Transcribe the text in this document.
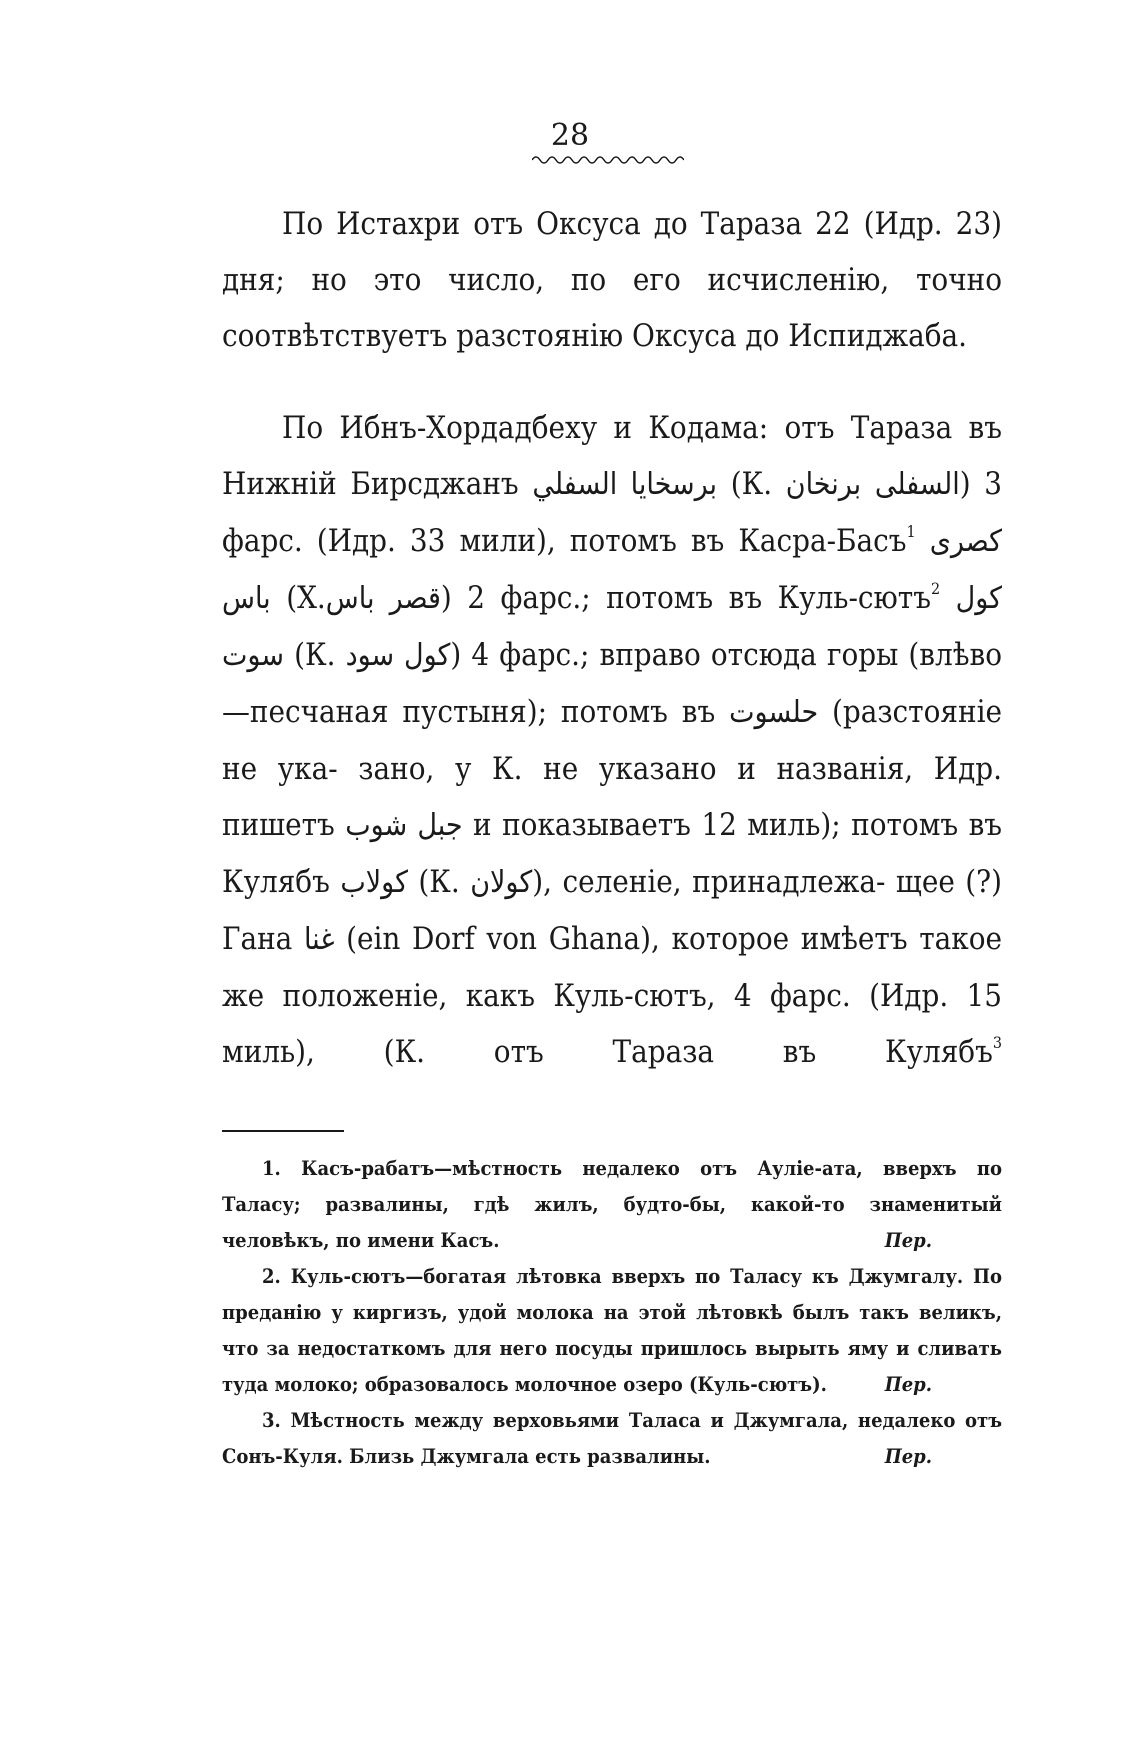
28

По Истахри отъ Оксуса до Тараза 22 (Идр. 23) дня; но это число, по его исчисленію, точно

соотвѣтствуетъ разстоянію Оксуса до Испиджаба.

По Ибнъ-Хордадбеху и Кодама: отъ Тараза въ Нижній Бирсджанъ برسخايا السفلي (К. برنخان السفلى) 3 фарс. (Идр. 33 мили), потомъ въ Касра-Басъ$^1$ كصرى باس (Х.قصر باس) 2 фарс.; потомъ въ Куль-сютъ$^2$ كول سوت (К. كول سود) 4 фарс.; вправо отсюда горы (влѣво—песчаная пустыня); потомъ въ حلسوت (разстояніе не ука- зано, у К. не указано и названія, Идр. пишетъ جبل شوب и показываетъ 12 миль); потомъ въ Кулябъ كولاب (К. كولان), селеніе, принадлежа- щее (?) Гана غنا (ein Dorf von Ghana), которое имѣетъ такое же положеніе, какъ Куль-сютъ, 4 фарс. (Идр. 15 миль), (К. отъ Тараза въ Кулябъ$^3$

1. Касъ-рабатъ—мѣстность недалеко отъ Ауліе-ата, вверхъ по Таласу; развалины, гдѣ жилъ, будто-бы, какой-то знаменитый человѣкъ, по имени Касъ.	Пер.

2. Куль-сютъ—богатая лѣтовка вверхъ по Таласу къ Джумгалу. По преданію у киргизъ, удой молока на этой лѣтовкѣ былъ такъ великъ, что за недостаткомъ для него посуды пришлось вырыть яму и сливать туда молоко; образовалось молочное озеро (Куль-сютъ).	Пер.

3. Мѣстность между верховьями Таласа и Джумгала, недалеко отъ Сонъ-Куля. Близь Джумгала есть развалины.	Пер.
